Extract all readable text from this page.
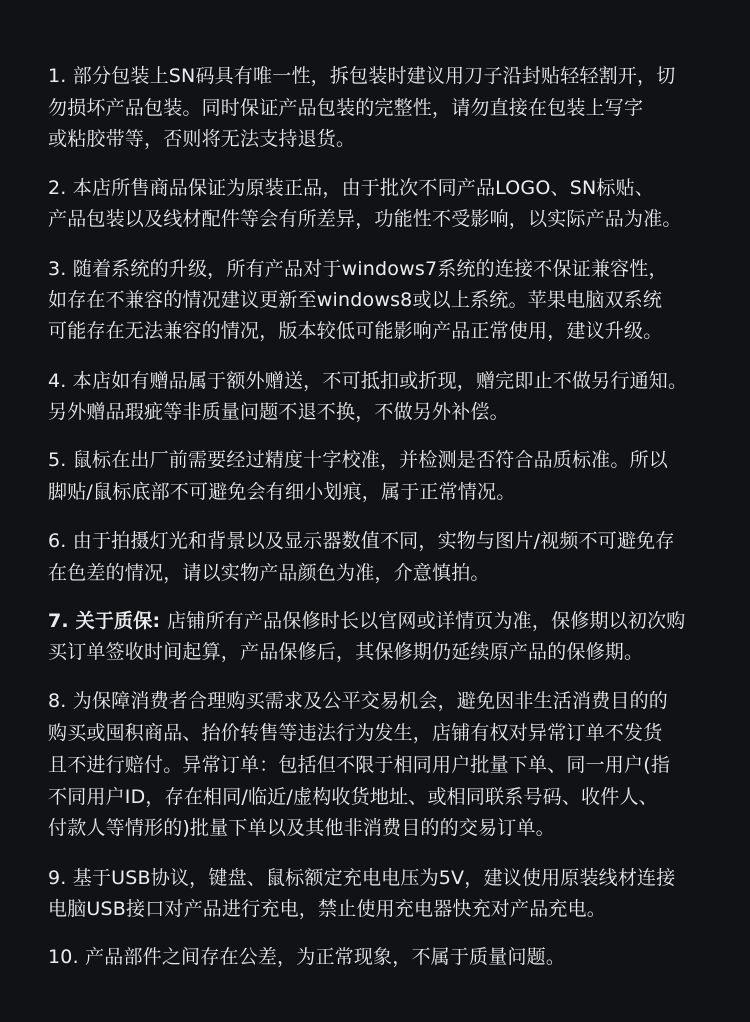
1. 部分包装上SN码具有唯一性，拆包装时建议用刀子沿封贴轻轻割开，切
勿损坏产品包装。同时保证产品包装的完整性，请勿直接在包装上写字
或粘胶带等，否则将无法支持退货。
2. 本店所售商品保证为原装正品，由于批次不同产品LOGO、SN标贴、
产品包装以及线材配件等会有所差异，功能性不受影响，以实际产品为准。
3. 随着系统的升级，所有产品对于windows7系统的连接不保证兼容性，
如存在不兼容的情况建议更新至windows8或以上系统。苹果电脑双系统
可能存在无法兼容的情况，版本较低可能影响产品正常使用，建议升级。
4. 本店如有赠品属于额外赠送，不可抵扣或折现，赠完即止不做另行通知。
另外赠品瑕疵等非质量问题不退不换，不做另外补偿。
5. 鼠标在出厂前需要经过精度十字校准，并检测是否符合品质标准。所以
脚贴/鼠标底部不可避免会有细小划痕，属于正常情况。
6. 由于拍摄灯光和背景以及显示器数值不同，实物与图片/视频不可避免存
在色差的情况，请以实物产品颜色为准，介意慎拍。
7. 关于质保: 店铺所有产品保修时长以官网或详情页为准，保修期以初次购
买订单签收时间起算，产品保修后，其保修期仍延续原产品的保修期。
8. 为保障消费者合理购买需求及公平交易机会，避免因非生活消费目的的
购买或囤积商品、抬价转售等违法行为发生，店铺有权对异常订单不发货
且不进行赔付。异常订单：包括但不限于相同用户批量下单、同一用户(指
不同用户ID，存在相同/临近/虚构收货地址、或相同联系号码、收件人、
付款人等情形的)批量下单以及其他非消费目的的交易订单。
9. 基于USB协议，键盘、鼠标额定充电电压为5V，建议使用原装线材连接
电脑USB接口对产品进行充电，禁止使用充电器快充对产品充电。
10. 产品部件之间存在公差，为正常现象，不属于质量问题。
